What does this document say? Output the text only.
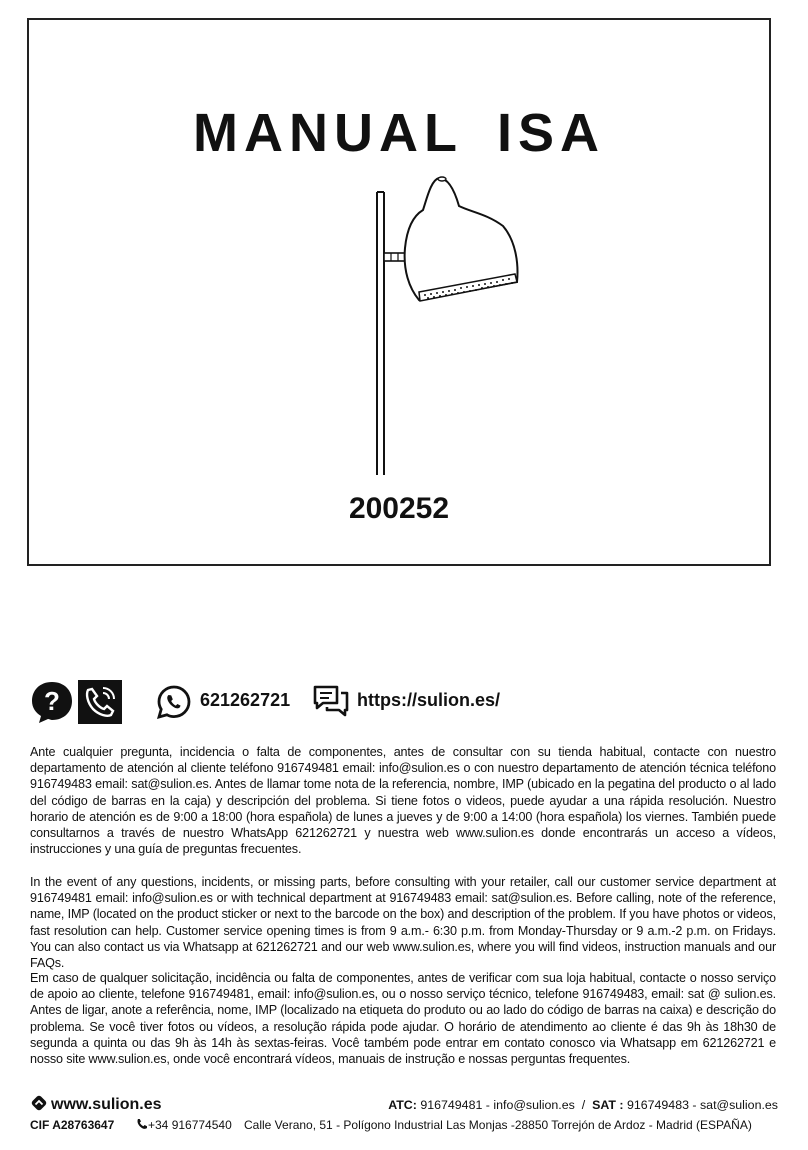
MANUAL ISA
200252
?	621262721	https://sulion.es/

Ante cualquier pregunta, incidencia o falta de componentes, antes de consultar con su tienda habitual, contacte con nuestro departamento de atención al cliente teléfono 916749481 email: info@sulion.es o con nuestro departamento de atención técnica teléfono 916749483 email: sat@sulion.es. Antes de llamar tome nota de la referencia, nombre, IMP (ubicado en la pegatina del producto o al lado del código de barras en la caja) y descripción del problema. Si tiene fotos o videos, puede ayudar a una rápida resolución. Nuestro horario de atención es de 9:00 a 18:00 (hora española) de lunes a jueves y de 9:00 a 14:00 (hora española) los viernes. También puede consultarnos a través de nuestro WhatsApp 621262721 y nuestra web www.sulion.es donde encontrarás un acceso a vídeos, instrucciones y una guía de preguntas frecuentes.

In the event of any questions, incidents, or missing parts, before consulting with your retailer, call our customer service department at 916749481 email: info@sulion.es or with technical department at 916749483 email: sat@sulion.es. Before calling, note of the reference, name, IMP (located on the product sticker or next to the barcode on the box) and description of the problem. If you have photos or videos, fast resolution can help. Customer service opening times is from 9 a.m.- 6:30 p.m. from Monday-Thursday or 9 a.m.-2 p.m. on Fridays. You can also contact us via Whatsapp at 621262721 and our web www.sulion.es, where you will find videos, instruction manuals and our FAQs.

Em caso de qualquer solicitação, incidência ou falta de componentes, antes de verificar com sua loja habitual, contacte o nosso serviço de apoio ao cliente, telefone 916749481, email: info@sulion.es, ou o nosso serviço técnico, telefone 916749483, email: sat @ sulion.es. Antes de ligar, anote a referência, nome, IMP (localizado na etiqueta do produto ou ao lado do código de barras na caixa) e descrição do problema. Se você tiver fotos ou vídeos, a resolução rápida pode ajudar. O horário de atendimento ao cliente é das 9h às 18h30 de segunda a quinta ou das 9h às 14h às sextas-feiras. Você também pode entrar em contato conosco via Whatsapp em 621262721 e nosso site www.sulion.es, onde você encontrará vídeos, manuais de instrução e nossas perguntas frequentes.

www.sulion.es	ATC: 916749481 - info@sulion.es / SAT : 916749483 - sat@sulion.es
CIF A28763647	+34 916774540 Calle Verano, 51 - Polígono Industrial Las Monjas -28850 Torrejón de Ardoz - Madrid (ESPAÑA)
